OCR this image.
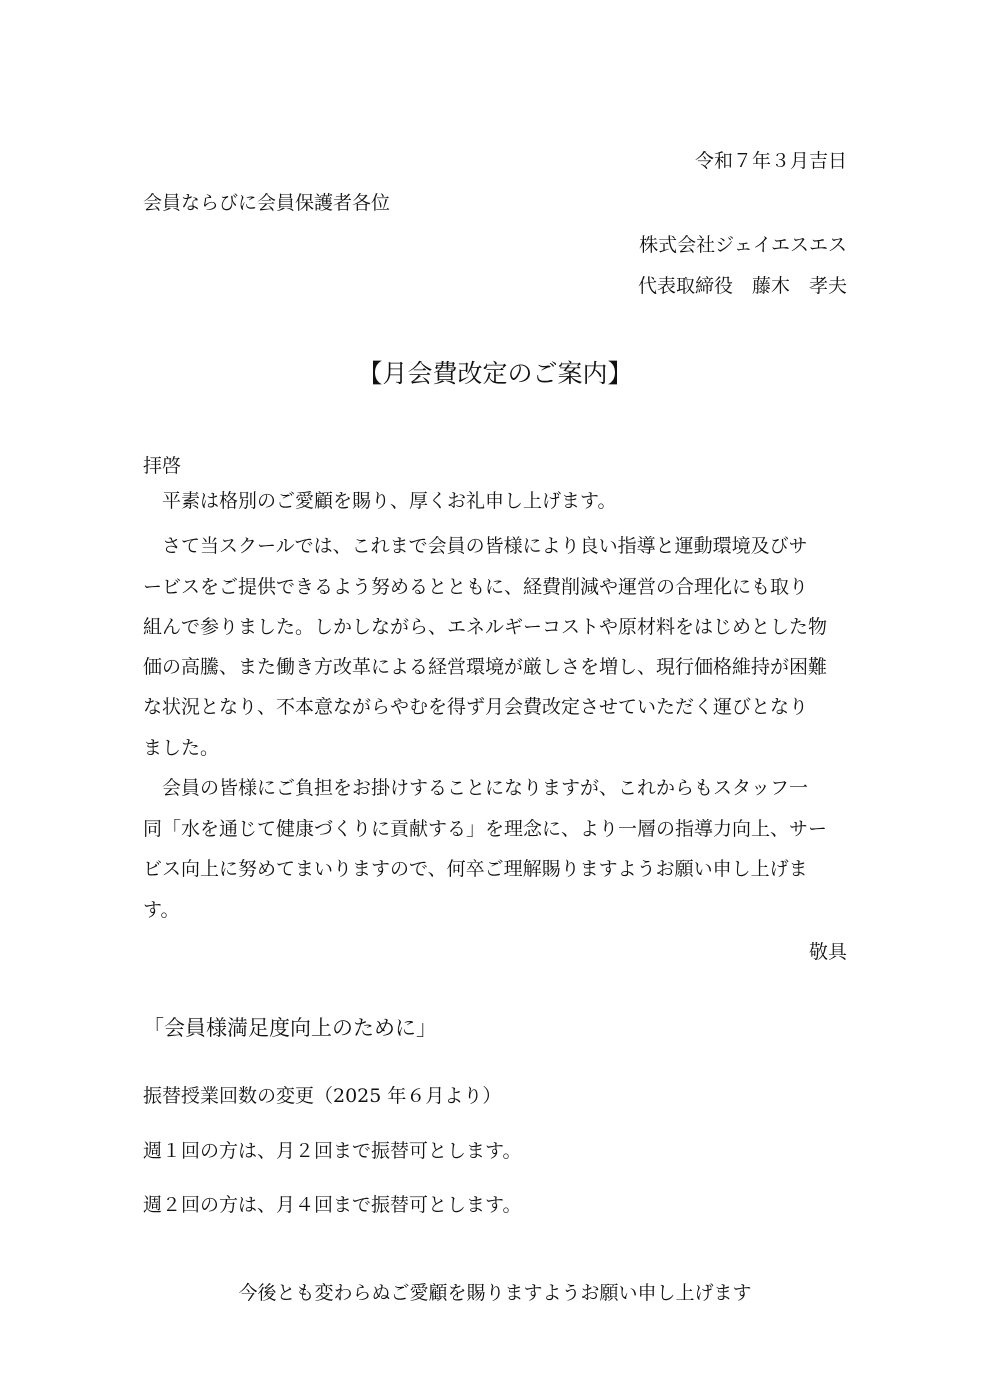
令和７年３月吉日
会員ならびに会員保護者各位
株式会社ジェイエスエス
代表取締役　藤木　孝夫
【月会費改定のご案内】
拝啓
平素は格別のご愛顧を賜り、厚くお礼申し上げます。
さて当スクールでは、これまで会員の皆様により良い指導と運動環境及びサ
ービスをご提供できるよう努めるとともに、経費削減や運営の合理化にも取り
組んで参りました。しかしながら、エネルギーコストや原材料をはじめとした物
価の高騰、また働き方改革による経営環境が厳しさを増し、現行価格維持が困難
な状況となり、不本意ながらやむを得ず月会費改定させていただく運びとなり
ました。
会員の皆様にご負担をお掛けすることになりますが、これからもスタッフ一
同「水を通じて健康づくりに貢献する」を理念に、より一層の指導力向上、サー
ビス向上に努めてまいりますので、何卒ご理解賜りますようお願い申し上げま
す。
敬具
「会員様満足度向上のために」
振替授業回数の変更（2025 年６月より）
週１回の方は、月２回まで振替可とします。
週２回の方は、月４回まで振替可とします。
今後とも変わらぬご愛顧を賜りますようお願い申し上げます
